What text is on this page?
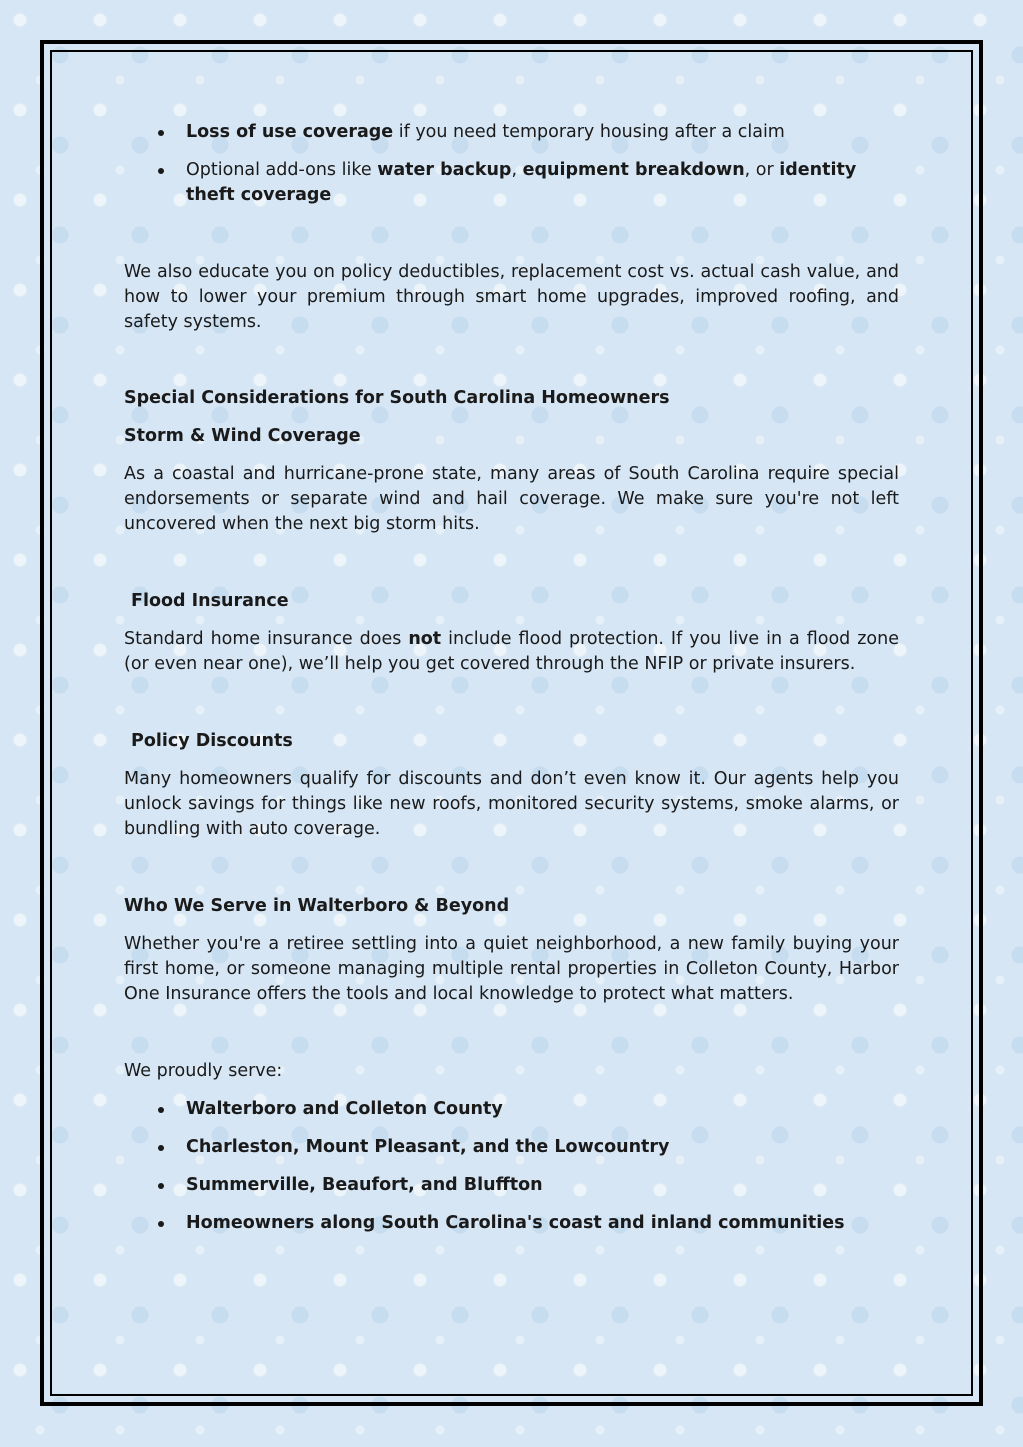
Loss of use coverage if you need temporary housing after a claim
Optional add-ons like water backup, equipment breakdown, or identity theft coverage

We also educate you on policy deductibles, replacement cost vs. actual cash value, and how to lower your premium through smart home upgrades, improved roofing, and safety systems.

Special Considerations for South Carolina Homeowners

Storm & Wind Coverage

As a coastal and hurricane-prone state, many areas of South Carolina require special endorsements or separate wind and hail coverage. We make sure you're not left uncovered when the next big storm hits.

Flood Insurance

Standard home insurance does not include flood protection. If you live in a flood zone (or even near one), we’ll help you get covered through the NFIP or private insurers.

Policy Discounts

Many homeowners qualify for discounts and don’t even know it. Our agents help you unlock savings for things like new roofs, monitored security systems, smoke alarms, or bundling with auto coverage.

Who We Serve in Walterboro & Beyond

Whether you're a retiree settling into a quiet neighborhood, a new family buying your first home, or someone managing multiple rental properties in Colleton County, Harbor One Insurance offers the tools and local knowledge to protect what matters.

We proudly serve:

Walterboro and Colleton County
Charleston, Mount Pleasant, and the Lowcountry
Summerville, Beaufort, and Bluffton
Homeowners along South Carolina's coast and inland communities
